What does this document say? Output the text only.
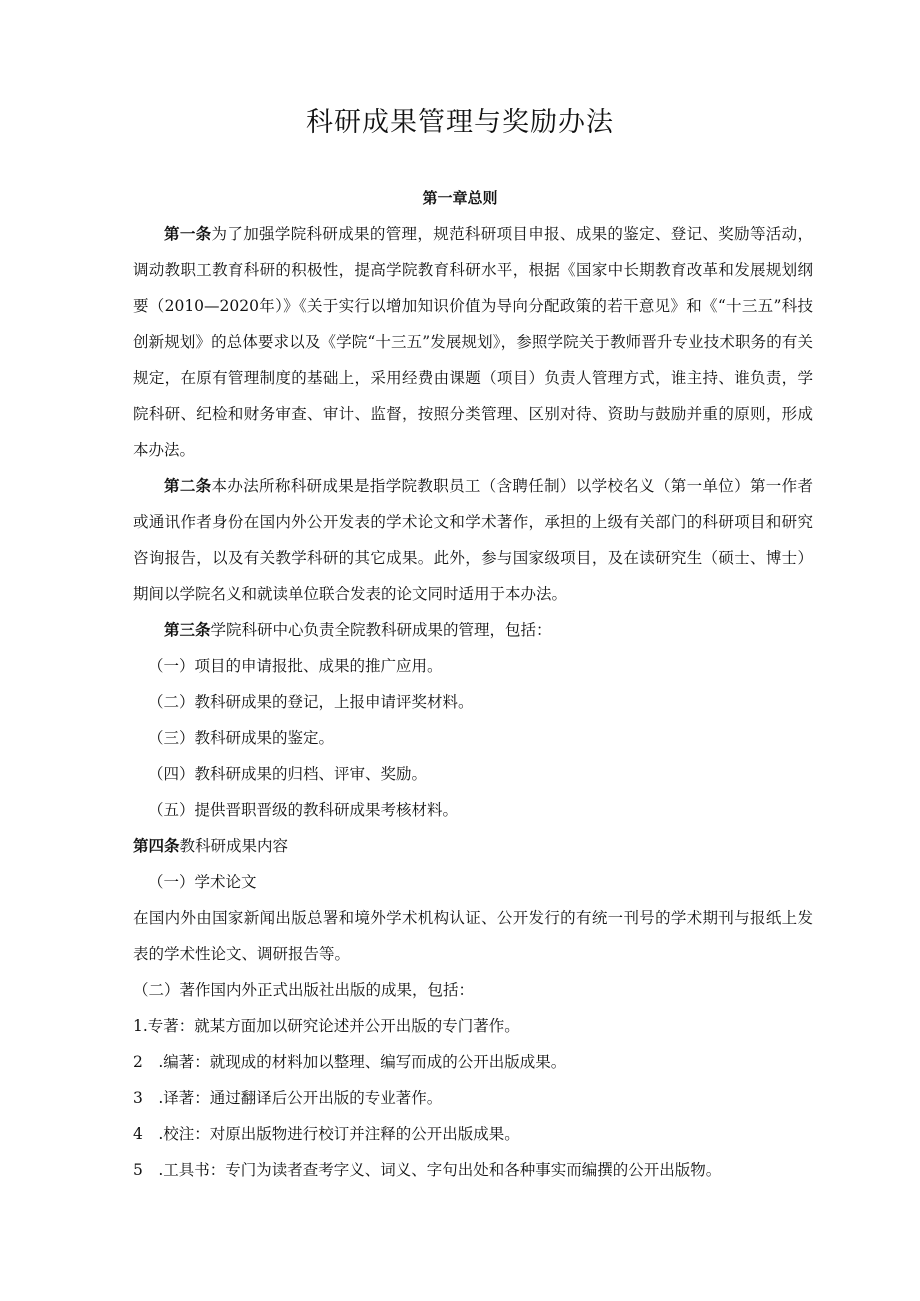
科研成果管理与奖励办法
第一章总则

第一条为了加强学院科研成果的管理，规范科研项目申报、成果的鉴定、登记、奖励等活动，调动教职工教育科研的积极性，提高学院教育科研水平，根据《国家中长期教育改革和发展规划纲要（2010—2020年）》《关于实行以增加知识价值为导向分配政策的若干意见》和《“十三五”科技创新规划》的总体要求以及《学院“十三五”发展规划》，参照学院关于教师晋升专业技术职务的有关规定，在原有管理制度的基础上，采用经费由课题（项目）负责人管理方式，谁主持、谁负责，学院科研、纪检和财务审查、审计、监督，按照分类管理、区别对待、资助与鼓励并重的原则，形成本办法。

第二条本办法所称科研成果是指学院教职员工（含聘任制）以学校名义（第一单位）第一作者或通讯作者身份在国内外公开发表的学术论文和学术著作，承担的上级有关部门的科研项目和研究咨询报告，以及有关教学科研的其它成果。此外，参与国家级项目，及在读研究生（硕士、博士）期间以学院名义和就读单位联合发表的论文同时适用于本办法。

第三条学院科研中心负责全院教科研成果的管理，包括：

（一）项目的申请报批、成果的推广应用。
（二）教科研成果的登记，上报申请评奖材料。
（三）教科研成果的鉴定。
（四）教科研成果的归档、评审、奖励。
（五）提供晋职晋级的教科研成果考核材料。
第四条教科研成果内容
（一）学术论文

在国内外由国家新闻出版总署和境外学术机构认证、公开发行的有统一刊号的学术期刊与报纸上发表的学术性论文、调研报告等。

（二）著作国内外正式出版社出版的成果，包括：
1.专著：就某方面加以研究论述并公开出版的专门著作。
2　.编著：就现成的材料加以整理、编写而成的公开出版成果。
3　.译著：通过翻译后公开出版的专业著作。
4　.校注：对原出版物进行校订并注释的公开出版成果。
5　.工具书：专门为读者查考字义、词义、字句出处和各种事实而编撰的公开出版物。
